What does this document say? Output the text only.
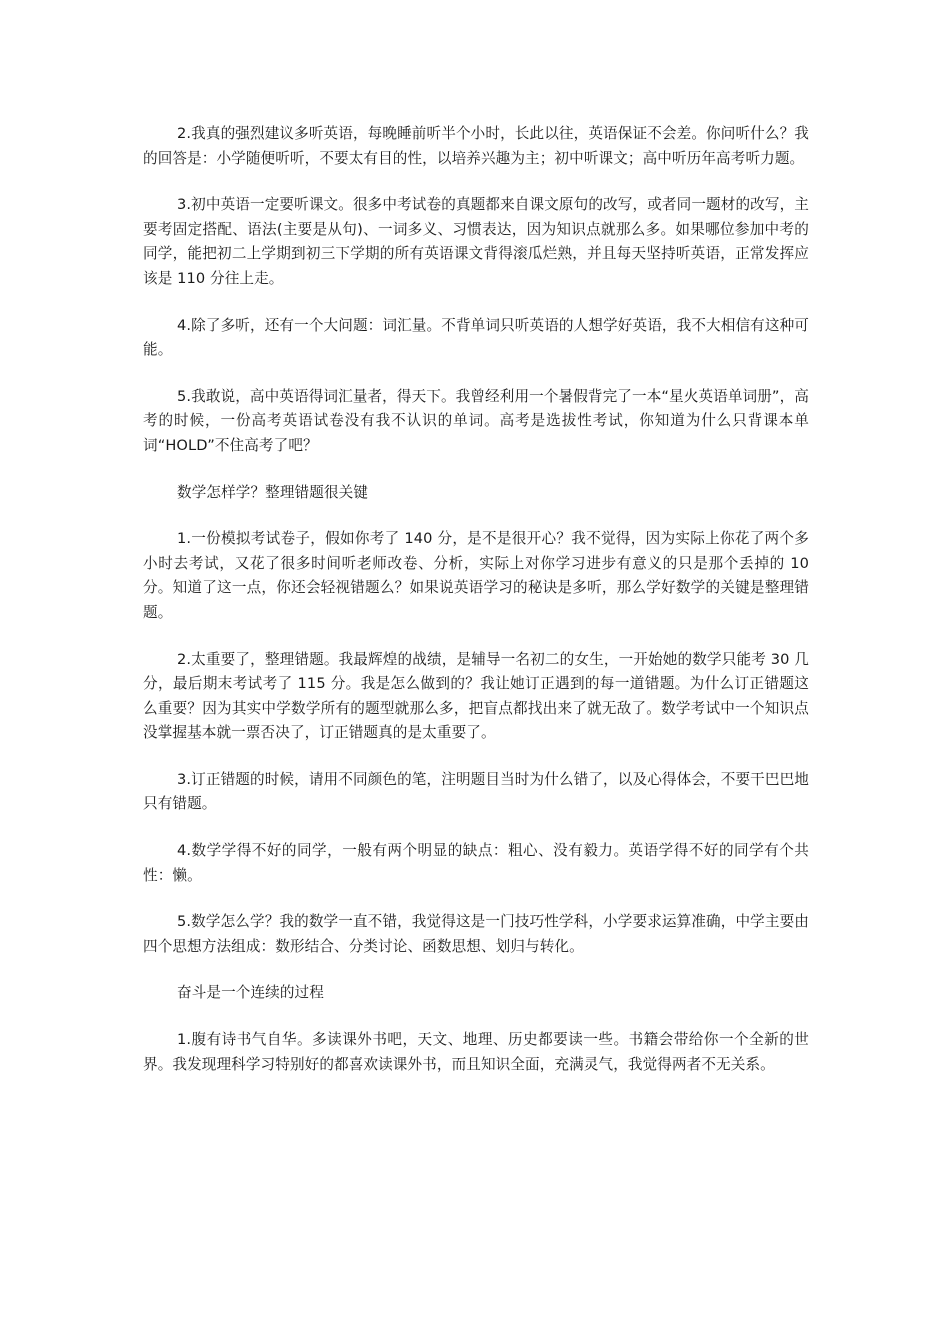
2.我真的强烈建议多听英语，每晚睡前听半个小时，长此以往，英语保证不会差。你问听什么？我的回答是：小学随便听听，不要太有目的性，以培养兴趣为主；初中听课文；高中听历年高考听力题。

3.初中英语一定要听课文。很多中考试卷的真题都来自课文原句的改写，或者同一题材的改写，主要考固定搭配、语法(主要是从句)、一词多义、习惯表达，因为知识点就那么多。如果哪位参加中考的同学，能把初二上学期到初三下学期的所有英语课文背得滚瓜烂熟，并且每天坚持听英语，正常发挥应该是 110 分往上走。

4.除了多听，还有一个大问题：词汇量。不背单词只听英语的人想学好英语，我不大相信有这种可能。

5.我敢说，高中英语得词汇量者，得天下。我曾经利用一个暑假背完了一本“星火英语单词册”，高考的时候，一份高考英语试卷没有我不认识的单词。高考是选拔性考试，你知道为什么只背课本单词“HOLD”不住高考了吧？

数学怎样学？整理错题很关键

1.一份模拟考试卷子，假如你考了 140 分，是不是很开心？我不觉得，因为实际上你花了两个多小时去考试，又花了很多时间听老师改卷、分析，实际上对你学习进步有意义的只是那个丢掉的 10 分。知道了这一点，你还会轻视错题么？如果说英语学习的秘诀是多听，那么学好数学的关键是整理错题。

2.太重要了，整理错题。我最辉煌的战绩，是辅导一名初二的女生，一开始她的数学只能考 30 几分，最后期末考试考了 115 分。我是怎么做到的？我让她订正遇到的每一道错题。为什么订正错题这么重要？因为其实中学数学所有的题型就那么多，把盲点都找出来了就无敌了。数学考试中一个知识点没掌握基本就一票否决了，订正错题真的是太重要了。

3.订正错题的时候，请用不同颜色的笔，注明题目当时为什么错了，以及心得体会，不要干巴巴地只有错题。

4.数学学得不好的同学，一般有两个明显的缺点：粗心、没有毅力。英语学得不好的同学有个共性：懒。

5.数学怎么学？我的数学一直不错，我觉得这是一门技巧性学科，小学要求运算准确，中学主要由四个思想方法组成：数形结合、分类讨论、函数思想、划归与转化。

奋斗是一个连续的过程

1.腹有诗书气自华。多读课外书吧，天文、地理、历史都要读一些。书籍会带给你一个全新的世界。我发现理科学习特别好的都喜欢读课外书，而且知识全面，充满灵气，我觉得两者不无关系。
